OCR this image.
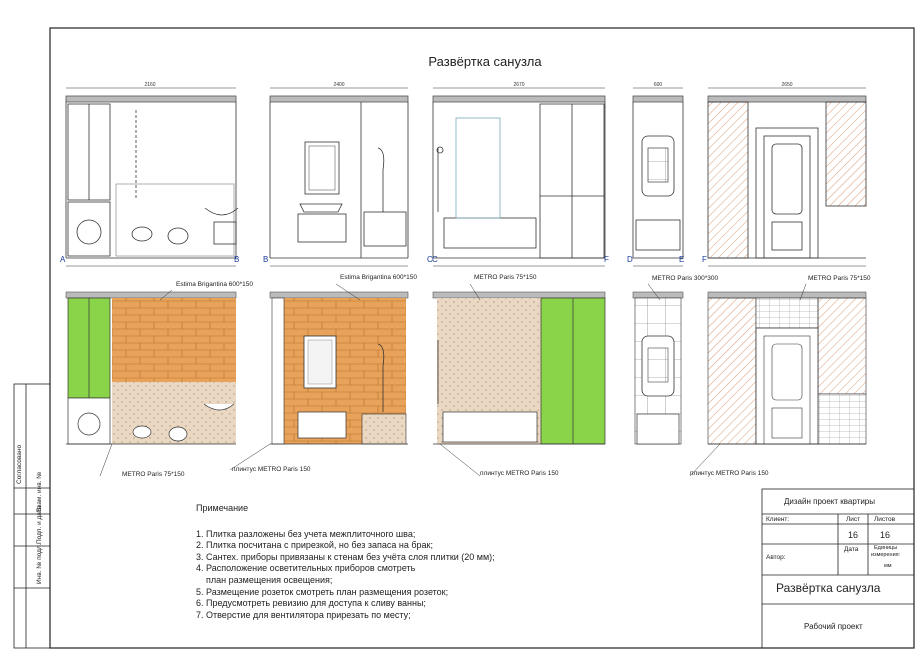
A	B	B	C C	F D	E F
2160	2400	2670	600	2650
Развёртка санузла
Estima Brigantina 600*150
Estima Brigantina 600*150	METRO Paris 75*150	METRO Paris 300*300	METRO Paris 75*150
METRO Paris 75*150
плинтус METRO Paris 150
плинтус METRO Paris 150	плинтус METRO Paris 150
Примечание
1. Плитка разложены без учета межплиточного шва;
2. Плитка посчитана с прирезкой, но без запаса на брак;
3. Сантех. приборы привязаны к стенам без учёта слоя плитки (20 мм);
4. Расположение осветительных приборов смотреть
план размещения освещения;
5. Размещение розеток смотреть план размещения розеток;
6. Предусмотреть ревизию для доступа к сливу ванны;
7. Отверстие для вентилятора прирезать по месту;
Дизайн проект квартиры
Клиент:	Лист Листов
16 16
Автор:
Дата	Единицы
измерения:
мм
Развёртка санузла
Рабочий проект
Согласовано
Взам. инв. №
Подп. и дата
Инв. № подл.
